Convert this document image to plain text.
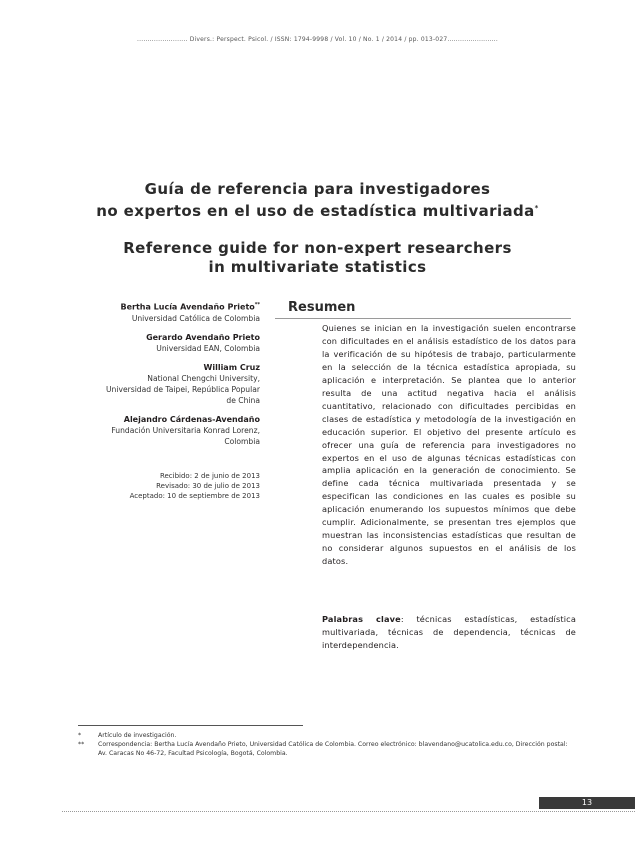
........................ Divers.: Perspect. Psicol. / ISSN: 1794-9998 / Vol. 10 / No. 1 / 2014 / pp. 013-027........................
Guía de referencia para investigadores
no expertos en el uso de estadística multivariada*
Reference guide for non-expert researchers
in multivariate statistics
Bertha Lucía Avendaño Prieto**
Universidad Católica de Colombia
Gerardo Avendaño Prieto
Universidad EAN, Colombia
William Cruz
National Chengchi University, Universidad de Taipei, República Popular de China
Alejandro Cárdenas-Avendaño
Fundación Universitaria Konrad Lorenz, Colombia
Recibido: 2 de junio de 2013
Revisado: 30 de julio de 2013
Aceptado: 10 de septiembre de 2013
Resumen
Quienes se inician en la investigación suelen encontrarse con dificultades en el análisis estadístico de los datos para la verificación de su hipótesis de trabajo, particularmente en la selección de la técnica estadística apropiada, su aplicación e interpretación. Se plantea que lo anterior resulta de una actitud negativa hacia el análisis cuantitativo, relacionado con dificultades percibidas en clases de estadística y metodología de la investigación en educación superior. El objetivo del presente artículo es ofrecer una guía de referencia para investigadores no expertos en el uso de algunas técnicas estadísticas con amplia aplicación en la generación de conocimiento. Se define cada técnica multivariada presentada y se especifican las condiciones en las cuales es posible su aplicación enumerando los supuestos mínimos que debe cumplir. Adicionalmente, se presentan tres ejemplos que muestran las inconsistencias estadísticas que resultan de no considerar algunos supuestos en el análisis de los datos.
Palabras clave: técnicas estadísticas, estadística multivariada, técnicas de dependencia, técnicas de interdependencia.
*	Artículo de investigación.
**	Correspondencia: Bertha Lucía Avendaño Prieto, Universidad Católica de Colombia. Correo electrónico: blavendano@ucatolica.edu.co, Dirección postal: Av. Caracas No 46-72, Facultad Psicología, Bogotá, Colombia.
13
